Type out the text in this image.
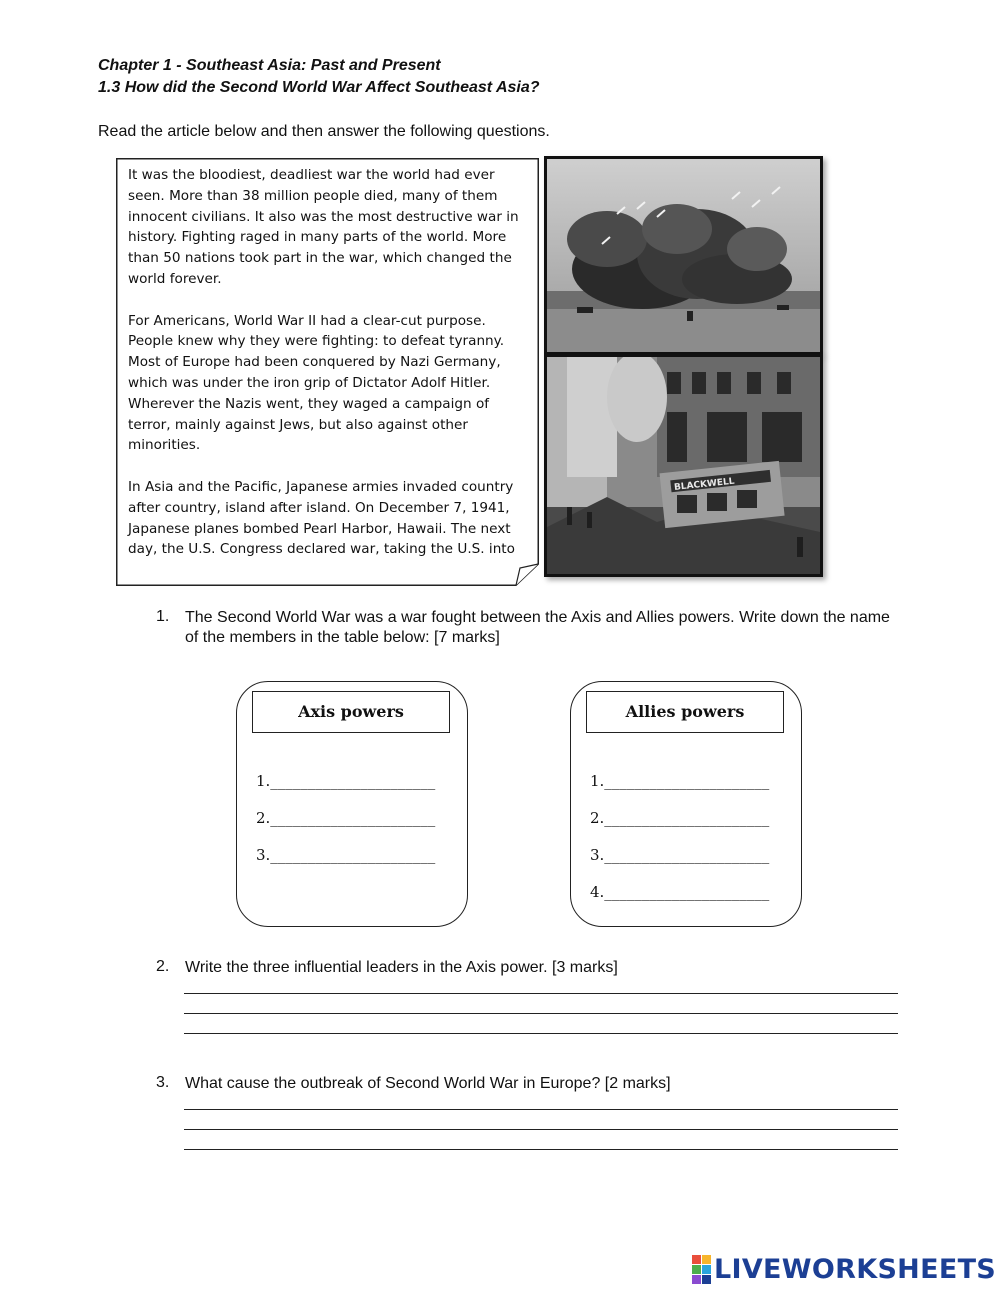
Chapter 1 - Southeast Asia: Past and Present
1.3 How did the Second World War Affect Southeast Asia?
Read the article below and then answer the following questions.

It was the bloodiest, deadliest war the world had ever seen. More than 38 million people died, many of them innocent civilians. It also was the most destructive war in history. Fighting raged in many parts of the world. More than 50 nations took part in the war, which changed the world forever.

For Americans, World War II had a clear-cut purpose. People knew why they were fighting: to defeat tyranny. Most of Europe had been conquered by Nazi Germany, which was under the iron grip of Dictator Adolf Hitler. Wherever the Nazis went, they waged a campaign of terror, mainly against Jews, but also against other minorities.

In Asia and the Pacific, Japanese armies invaded country after country, island after island. On December 7, 1941, Japanese planes bombed Pearl Harbor, Hawaii. The next day, the U.S. Congress declared war, taking the U.S. into

BLACKWELL
1. The Second World War was a war fought between the Axis and Allies powers. Write down the name of the members in the table below: [7 marks]
Axis powers
1.______________________
2.______________________
3.______________________
Allies powers
1.______________________
2.______________________
3.______________________
4.______________________
2. Write the three influential leaders in the Axis power. [3 marks]
3. What cause the outbreak of Second World War in Europe? [2 marks]
LIVEWORKSHEETS
